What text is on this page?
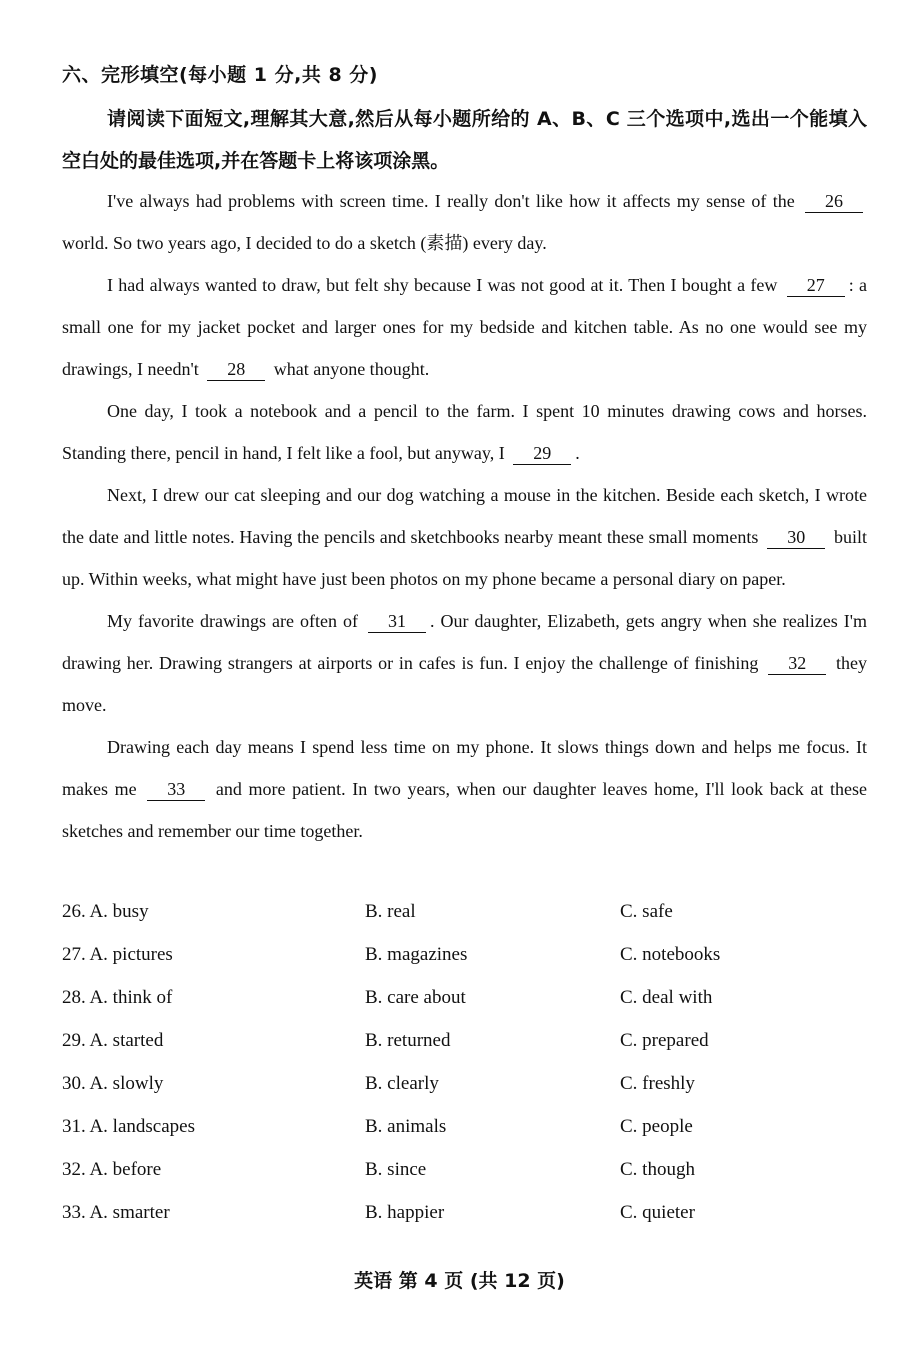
六、完形填空(每小题 1 分,共 8 分)
请阅读下面短文,理解其大意,然后从每小题所给的 A、B、C 三个选项中,选出一个能填入空白处的最佳选项,并在答题卡上将该项涂黑。

I've always had problems with screen time. I really don't like how it affects my sense of the 26 world. So two years ago, I decided to do a sketch (素描) every day.

I had always wanted to draw, but felt shy because I was not good at it. Then I bought a few 27 : a small one for my jacket pocket and larger ones for my bedside and kitchen table. As no one would see my drawings, I needn't 28 what anyone thought.

One day, I took a notebook and a pencil to the farm. I spent 10 minutes drawing cows and horses. Standing there, pencil in hand, I felt like a fool, but anyway, I 29 .

Next, I drew our cat sleeping and our dog watching a mouse in the kitchen. Beside each sketch, I wrote the date and little notes. Having the pencils and sketchbooks nearby meant these small moments 30 built up. Within weeks, what might have just been photos on my phone became a personal diary on paper.

My favorite drawings are often of 31 . Our daughter, Elizabeth, gets angry when she realizes I'm drawing her. Drawing strangers at airports or in cafes is fun. I enjoy the challenge of finishing 32 they move.

Drawing each day means I spend less time on my phone. It slows things down and helps me focus. It makes me 33 and more patient. In two years, when our daughter leaves home, I'll look back at these sketches and remember our time together.

26. A. busy	B. real	C. safe
27. A. pictures	B. magazines	C. notebooks
28. A. think of	B. care about	C. deal with
29. A. started	B. returned	C. prepared
30. A. slowly	B. clearly	C. freshly
31. A. landscapes	B. animals	C. people
32. A. before	B. since	C. though
33. A. smarter	B. happier	C. quieter
英语 第 4 页 (共 12 页)
